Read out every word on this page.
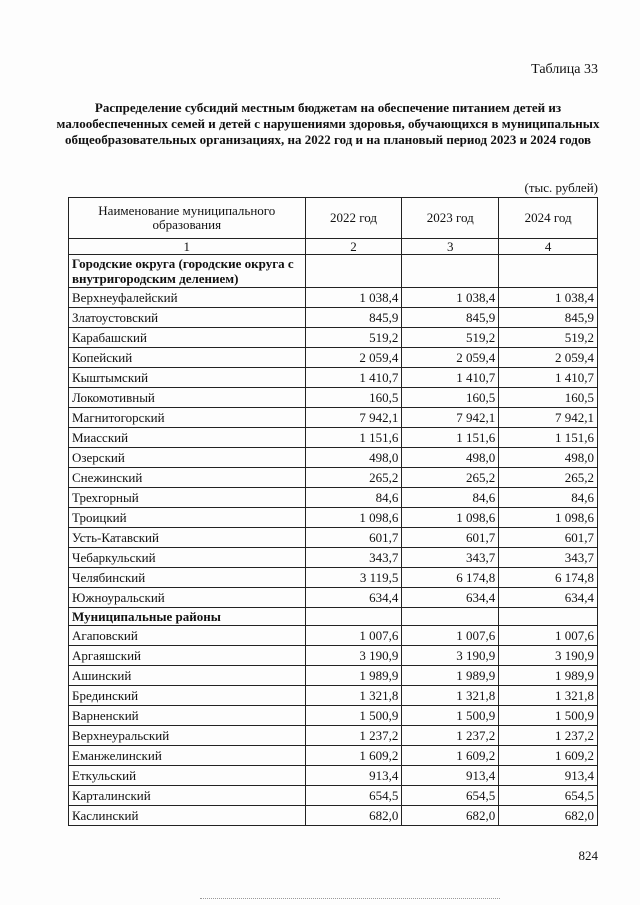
Таблица 33
Распределение субсидий местным бюджетам на обеспечение питанием детей из малообеспеченных семей и детей с нарушениями здоровья, обучающихся в муниципальных общеобразовательных организациях, на 2022 год и на плановый период 2023 и 2024 годов
(тыс. рублей)
Наименование муниципального образования	2022 год	2023 год	2024 год
1	2	3	4
Городские округа (городские округа с внутригородским делением)			
Верхнеуфалейский	1 038,4	1 038,4	1 038,4
Златоустовский	845,9	845,9	845,9
Карабашский	519,2	519,2	519,2
Копейский	2 059,4	2 059,4	2 059,4
Кыштымский	1 410,7	1 410,7	1 410,7
Локомотивный	160,5	160,5	160,5
Магнитогорский	7 942,1	7 942,1	7 942,1
Миасский	1 151,6	1 151,6	1 151,6
Озерский	498,0	498,0	498,0
Снежинский	265,2	265,2	265,2
Трехгорный	84,6	84,6	84,6
Троицкий	1 098,6	1 098,6	1 098,6
Усть-Катавский	601,7	601,7	601,7
Чебаркульский	343,7	343,7	343,7
Челябинский	3 119,5	6 174,8	6 174,8
Южноуральский	634,4	634,4	634,4
Муниципальные районы			
Агаповский	1 007,6	1 007,6	1 007,6
Аргаяшский	3 190,9	3 190,9	3 190,9
Ашинский	1 989,9	1 989,9	1 989,9
Брединский	1 321,8	1 321,8	1 321,8
Варненский	1 500,9	1 500,9	1 500,9
Верхнеуральский	1 237,2	1 237,2	1 237,2
Еманжелинский	1 609,2	1 609,2	1 609,2
Еткульский	913,4	913,4	913,4
Карталинский	654,5	654,5	654,5
Каслинский	682,0	682,0	682,0
824
